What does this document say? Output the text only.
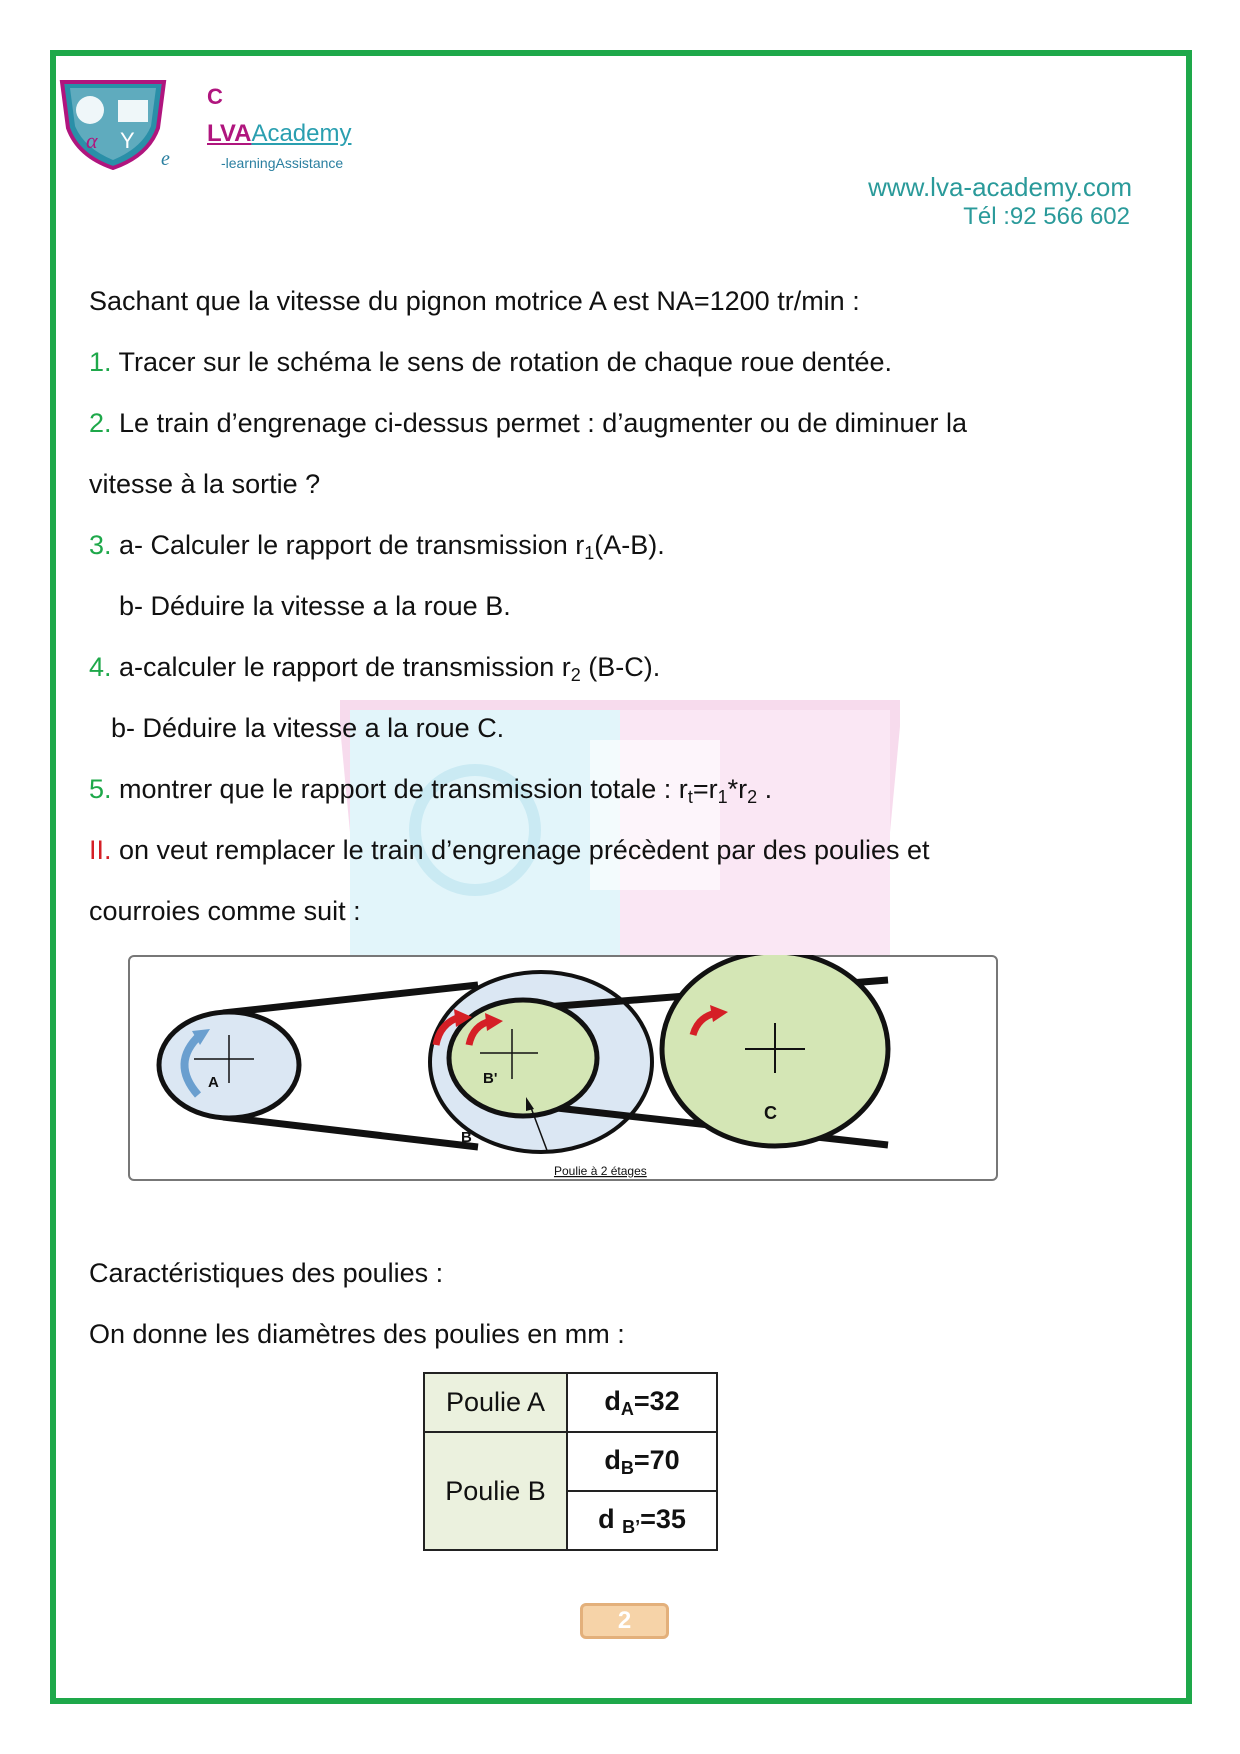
α Y
C
LVAAcademy
e	-learningAssistance
www.lva-academy.com
Tél :92 566 602
Sachant que la vitesse du pignon motrice A est NA=1200 tr/min :
1. Tracer sur le schéma le sens de rotation de chaque roue dentée.
2. Le train d’engrenage ci-dessus permet : d’augmenter ou de diminuer la
vitesse à la sortie ?
3. a- Calculer le rapport de transmission $r_1(A-B)$.
b- Déduire la vitesse a la roue B.
4. a-calculer le rapport de transmission $r_2$ (B-C).
b- Déduire la vitesse a la roue C.
5. montrer que le rapport de transmission totale : $r_t=r_1*r_2$ .
II. on veut remplacer le train d’engrenage précèdent par des poulies et
courroies comme suit :
A
B
B'
C
Poulie à 2 étages
Caractéristiques des poulies :
On donne les diamètres des poulies en mm :
Poulie A	$d_A=32$
Poulie B	$d_B=70$
	d $_{B’}$=35
2
